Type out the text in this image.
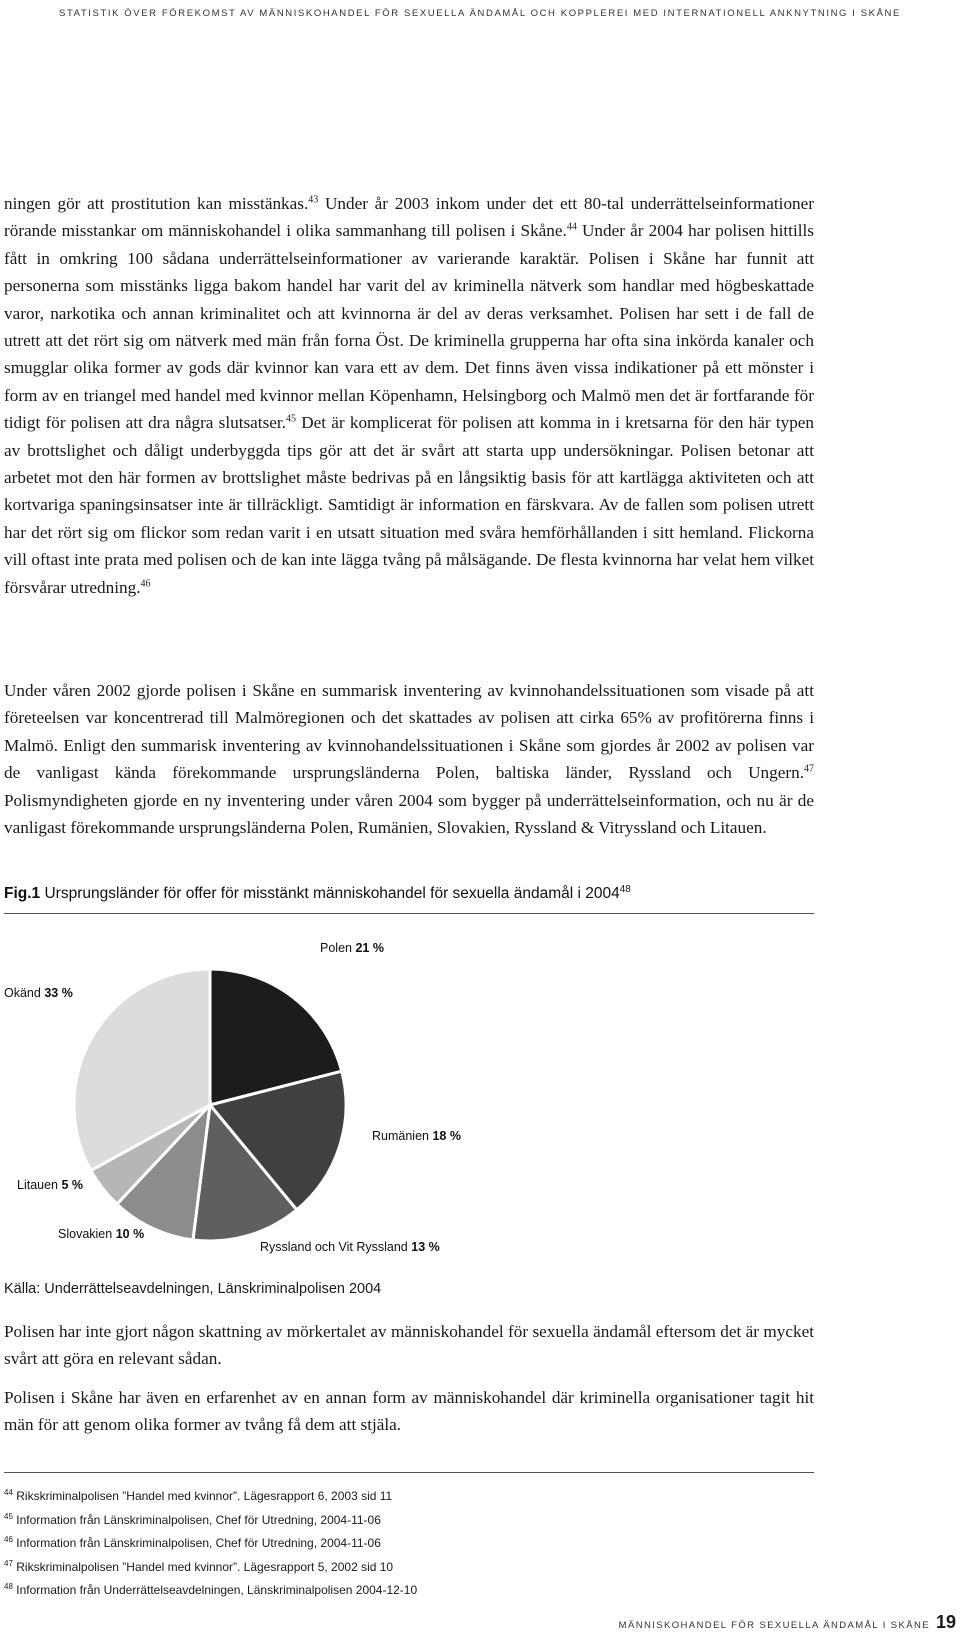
STATISTIK ÖVER FÖREKOMST AV MÄNNISKOHANDEL FÖR SEXUELLA ÄNDAMÅL OCH KOPPLEREI MED INTERNATIONELL ANKNYTNING I SKÅNE

ningen gör att prostitution kan misstänkas.$^{43}$ Under år 2003 inkom under det ett 80-tal underrättelseinformationer rörande misstankar om människohandel i olika sammanhang till polisen i Skåne.$^{44}$ Under år 2004 har polisen hittills fått in omkring 100 sådana underrättelseinformationer av varierande karaktär. Polisen i Skåne har funnit att personerna som misstänks ligga bakom handel har varit del av kriminella nätverk som handlar med högbeskattade varor, narkotika och annan kriminalitet och att kvinnorna är del av deras verksamhet. Polisen har sett i de fall de utrett att det rört sig om nätverk med män från forna Öst. De kriminella grupperna har ofta sina inkörda kanaler och smugglar olika former av gods där kvinnor kan vara ett av dem. Det finns även vissa indikationer på ett mönster i form av en triangel med handel med kvinnor mellan Köpenhamn, Helsingborg och Malmö men det är fortfarande för tidigt för polisen att dra några slutsatser.$^{45}$ Det är komplicerat för polisen att komma in i kretsarna för den här typen av brottslighet och dåligt underbyggda tips gör att det är svårt att starta upp undersökningar. Polisen betonar att arbetet mot den här formen av brottslighet måste bedrivas på en långsiktig basis för att kartlägga aktiviteten och att kortvariga spaningsinsatser inte är tillräckligt. Samtidigt är information en färskvara. Av de fallen som polisen utrett har det rört sig om flickor som redan varit i en utsatt situation med svåra hemförhållanden i sitt hemland. Flickorna vill oftast inte prata med polisen och de kan inte lägga tvång på målsägande. De flesta kvinnorna har velat hem vilket försvårar utredning.$^{46}$

Under våren 2002 gjorde polisen i Skåne en summarisk inventering av kvinnohandelssituationen som visade på att företeelsen var koncentrerad till Malmöregionen och det skattades av polisen att cirka 65% av profitörerna finns i Malmö. Enligt den summarisk inventering av kvinnohandelssituationen i Skåne som gjordes år 2002 av polisen var de vanligast kända förekommande ursprungsländerna Polen, baltiska länder, Ryssland och Ungern.$^{47}$ Polismyndigheten gjorde en ny inventering under våren 2004 som bygger på underrättelseinformation, och nu är de vanligast förekommande ursprungsländerna Polen, Rumänien, Slovakien, Ryssland & Vitryssland och Litauen.

Fig.1 Ursprungsländer för offer för misstänkt människohandel för sexuella ändamål i 2004$^{48}$
Polen 21 %
Rumänien 18 %
Ryssland och Vit Ryssland 13 %
Slovakien 10 %
Litauen 5 %
Okänd 33 %
Källa: Underrättelseavdelningen, Länskriminalpolisen 2004

Polisen har inte gjort någon skattning av mörkertalet av människohandel för sexuella ändamål eftersom det är mycket svårt att göra en relevant sådan.

Polisen i Skåne har även en erfarenhet av en annan form av människohandel där kriminella organisationer tagit hit män för att genom olika former av tvång få dem att stjäla.

$^{44}$ Rikskriminalpolisen ”Handel med kvinnor”. Lägesrapport 6, 2003 sid 11
$^{45}$ Information från Länskriminalpolisen, Chef för Utredning, 2004-11-06
$^{46}$ Information från Länskriminalpolisen, Chef för Utredning, 2004-11-06
$^{47}$ Rikskriminalpolisen ”Handel med kvinnor”. Lägesrapport 5, 2002 sid 10
$^{48}$ Information från Underrättelseavdelningen, Länskriminalpolisen 2004-12-10
MÄNNISKOHANDEL FÖR SEXUELLA ÄNDAMÅL I SKÅNE 19
